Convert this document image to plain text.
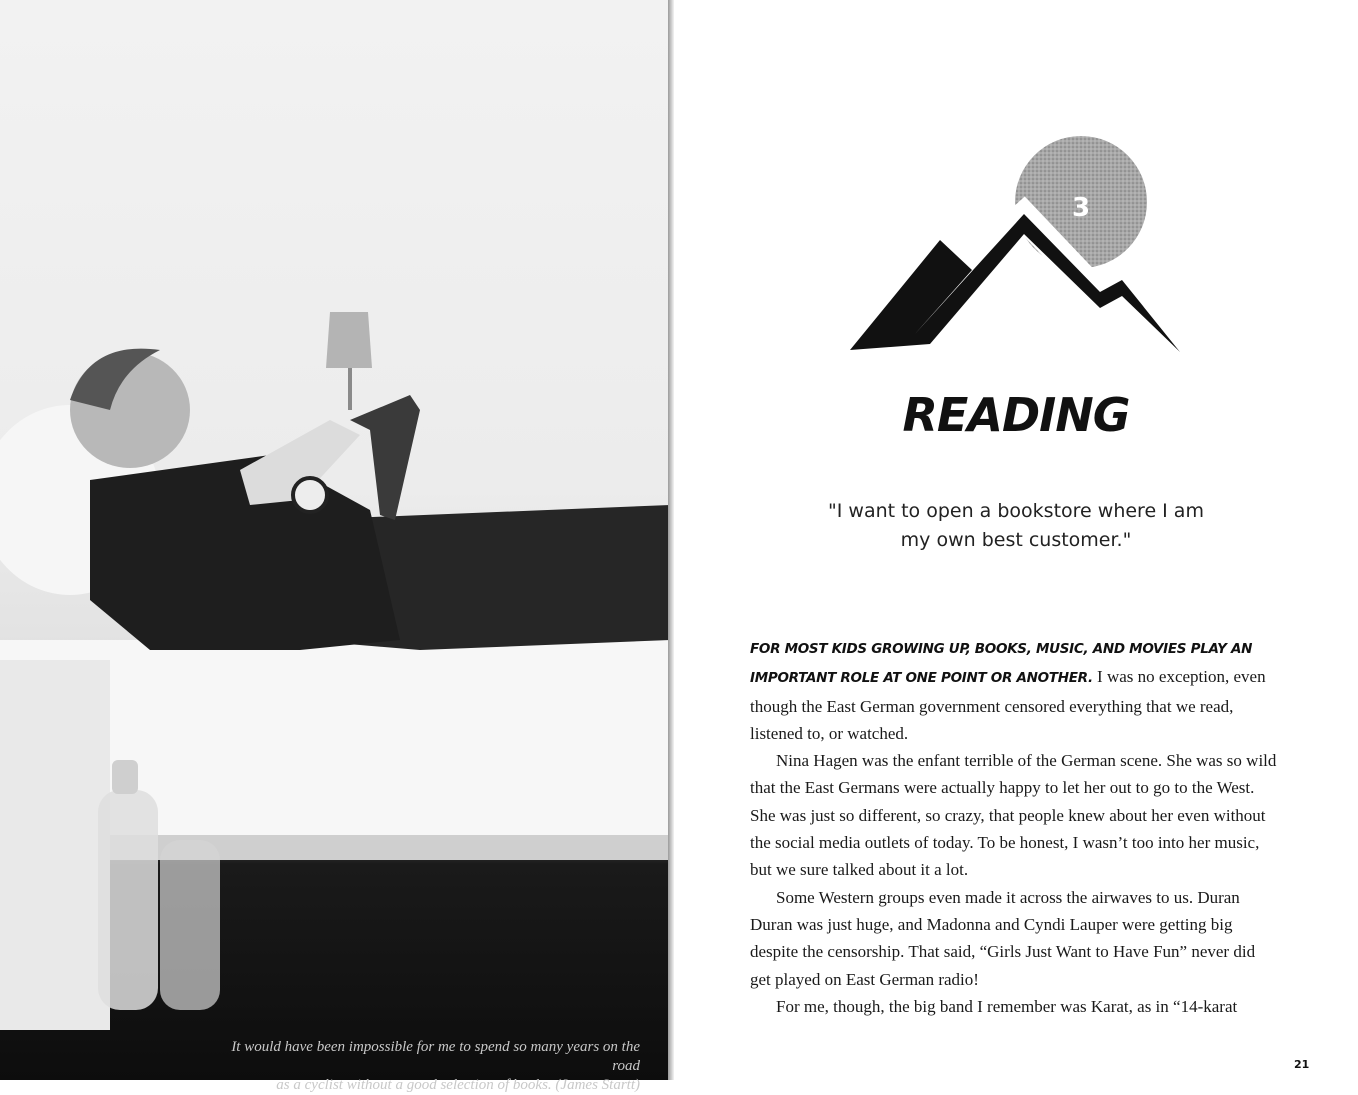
It would have been impossible for me to spend so many years on the road
as a cyclist without a good selection of books. (James Startt)
3
READING
"I want to open a bookstore where I am
my own best customer."

FOR MOST KIDS GROWING UP, BOOKS, MUSIC, AND MOVIES PLAY AN IMPORTANT ROLE AT ONE POINT OR ANOTHER. I was no exception, even though the East German government censored everything that we read, listened to, or watched.

Nina Hagen was the enfant terrible of the German scene. She was so wild that the East Germans were actually happy to let her out to go to the West. She was just so different, so crazy, that people knew about her even without the social media outlets of today. To be honest, I wasn’t too into her music, but we sure talked about it a lot.

Some Western groups even made it across the airwaves to us. Duran Duran was just huge, and Madonna and Cyndi Lauper were getting big despite the censorship. That said, “Girls Just Want to Have Fun” never did get played on East German radio!

For me, though, the big band I remember was Karat, as in “14-karat

21
